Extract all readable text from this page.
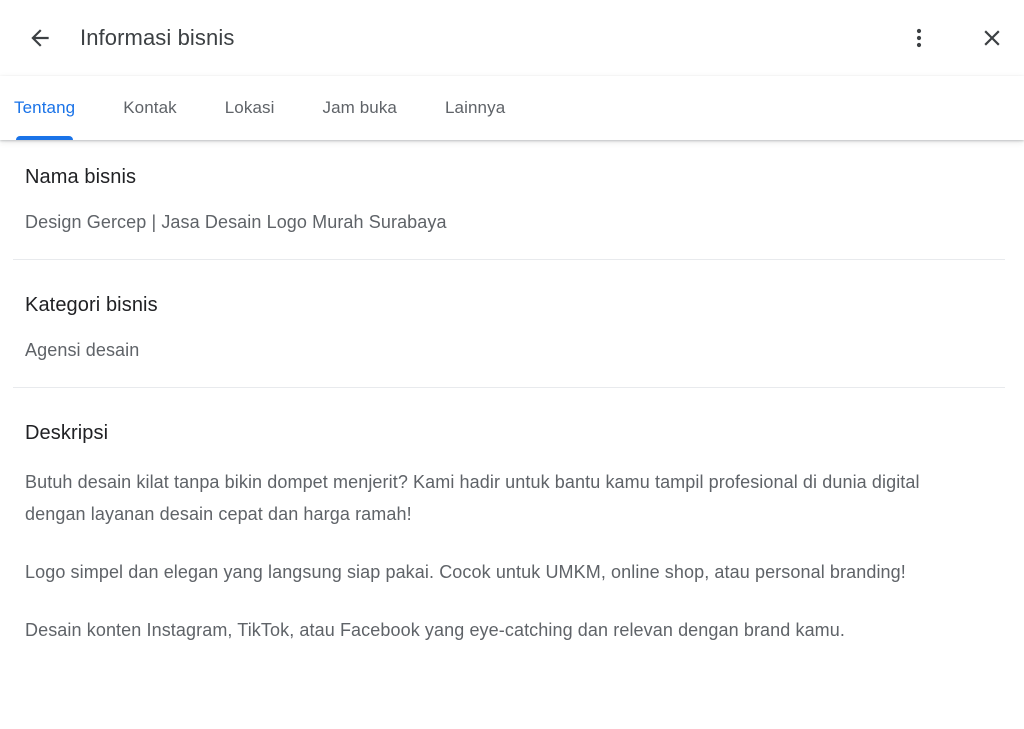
Informasi bisnis
Tentang	Kontak	Lokasi	Jam buka	Lainnya
Nama bisnis
Design Gercep | Jasa Desain Logo Murah Surabaya
Kategori bisnis
Agensi desain
Deskripsi

Butuh desain kilat tanpa bikin dompet menjerit? Kami hadir untuk bantu kamu tampil profesional di dunia digital dengan layanan desain cepat dan harga ramah!

Logo simpel dan elegan yang langsung siap pakai. Cocok untuk UMKM, online shop, atau personal branding!

Desain konten Instagram, TikTok, atau Facebook yang eye-catching dan relevan dengan brand kamu.
